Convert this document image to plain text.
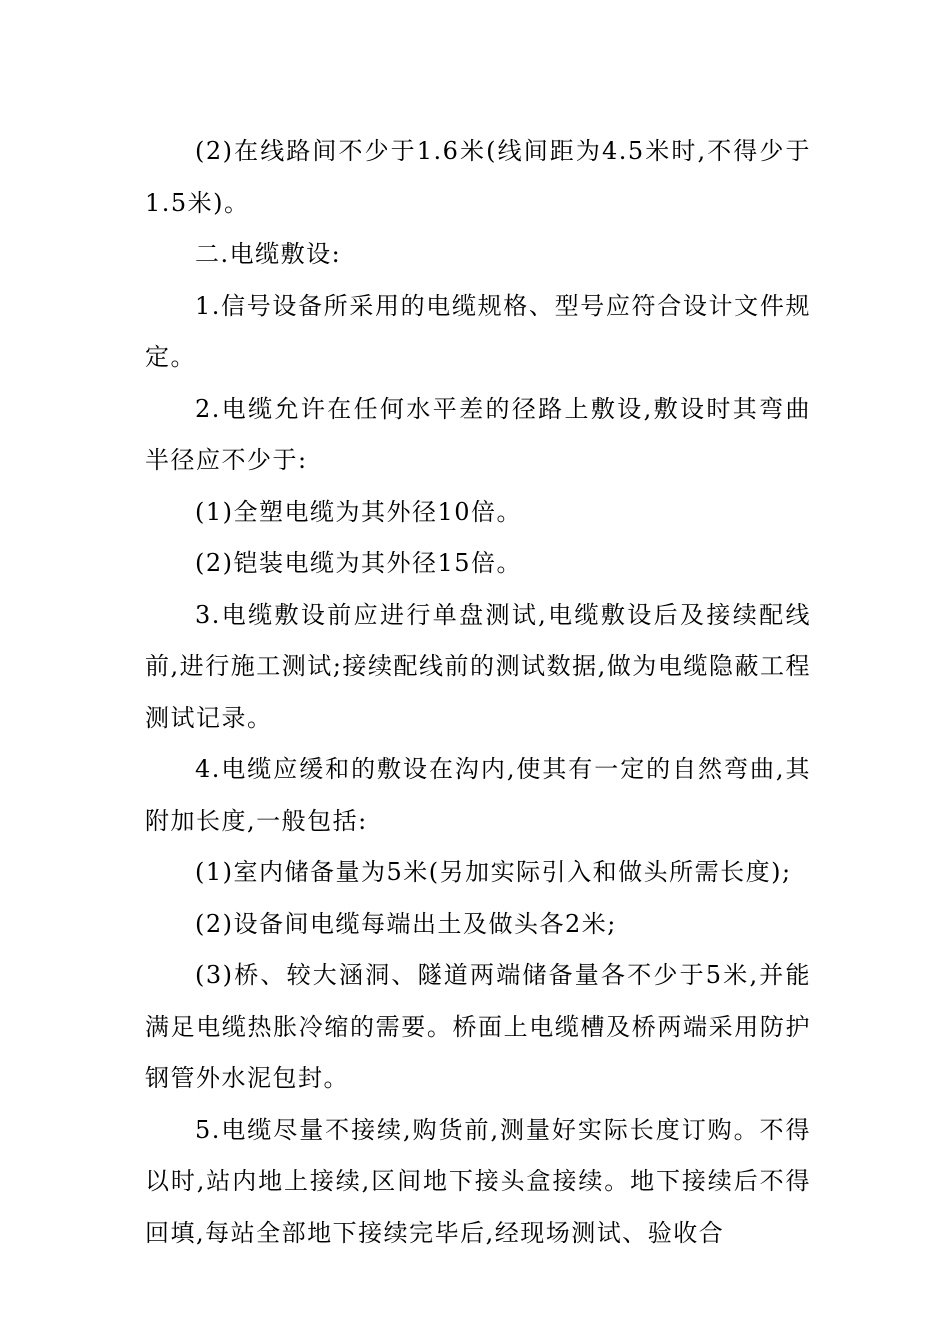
(2)在线路间不少于1.6米(线间距为4.5米时,不得少于1.5米)。

二.电缆敷设:

1.信号设备所采用的电缆规格、型号应符合设计文件规定。

2.电缆允许在任何水平差的径路上敷设,敷设时其弯曲半径应不少于:

(1)全塑电缆为其外径10倍。

(2)铠装电缆为其外径15倍。

3.电缆敷设前应进行单盘测试,电缆敷设后及接续配线前,进行施工测试;接续配线前的测试数据,做为电缆隐蔽工程测试记录。

4.电缆应缓和的敷设在沟内,使其有一定的自然弯曲,其附加长度,一般包括:

(1)室内储备量为5米(另加实际引入和做头所需长度);

(2)设备间电缆每端出土及做头各2米;

(3)桥、较大涵洞、隧道两端储备量各不少于5米,并能满足电缆热胀冷缩的需要。桥面上电缆槽及桥两端采用防护钢管外水泥包封。

5.电缆尽量不接续,购货前,测量好实际长度订购。不得以时,站内地上接续,区间地下接头盒接续。地下接续后不得回填,每站全部地下接续完毕后,经现场测试、验收合
